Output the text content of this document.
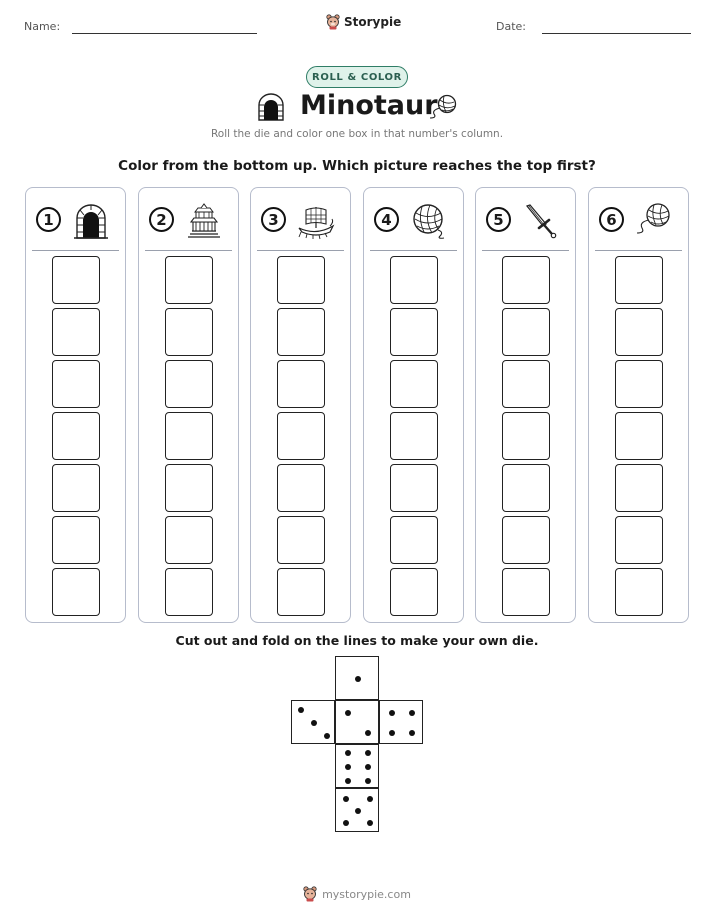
Name:	Storypie	Date:
ROLL & COLOR
Minotaur
Roll the die and color one box in that number's column.
Color from the bottom up. Which picture reaches the top first?
1	2	3	4	5	6
Cut out and fold on the lines to make your own die.
mystorypie.com
